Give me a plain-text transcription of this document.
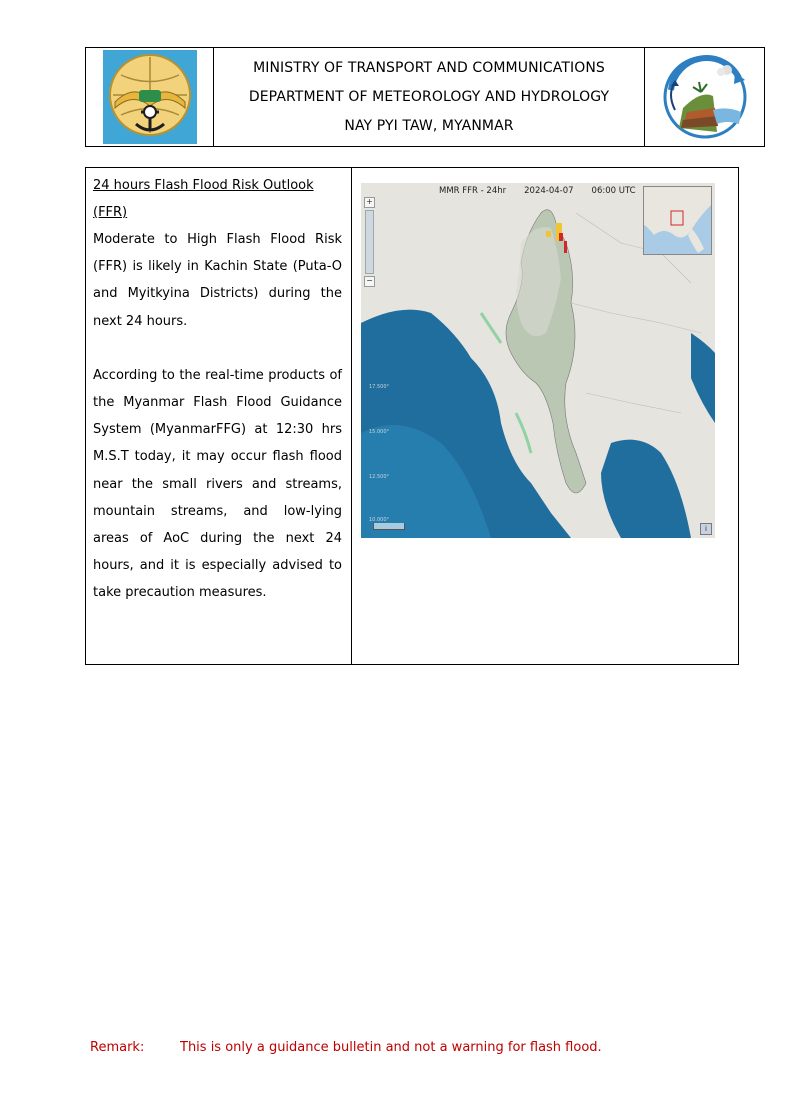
MINISTRY OF TRANSPORT AND COMMUNICATIONS
DEPARTMENT OF METEOROLOGY AND HYDROLOGY
NAY PYI TAW, MYANMAR
24 hours Flash Flood Risk Outlook (FFR)

Moderate to High Flash Flood Risk (FFR) is likely in Kachin State (Puta-O and Myitkyina Districts) during the next 24 hours.

According to the real-time products of the Myanmar Flash Flood Guidance System (MyanmarFFG) at 12:30 hrs M.S.T today, it may occur flash flood near the small rivers and streams, mountain streams, and low-lying areas of AoC during the next 24 hours, and it is especially advised to take precaution measures.

17.500°
15.000°
12.500°
10.000°
MMR FFR - 24hr 2024-04-07 06:00 UTC
+
−
i
Remark:	This is only a guidance bulletin and not a warning for flash flood.
